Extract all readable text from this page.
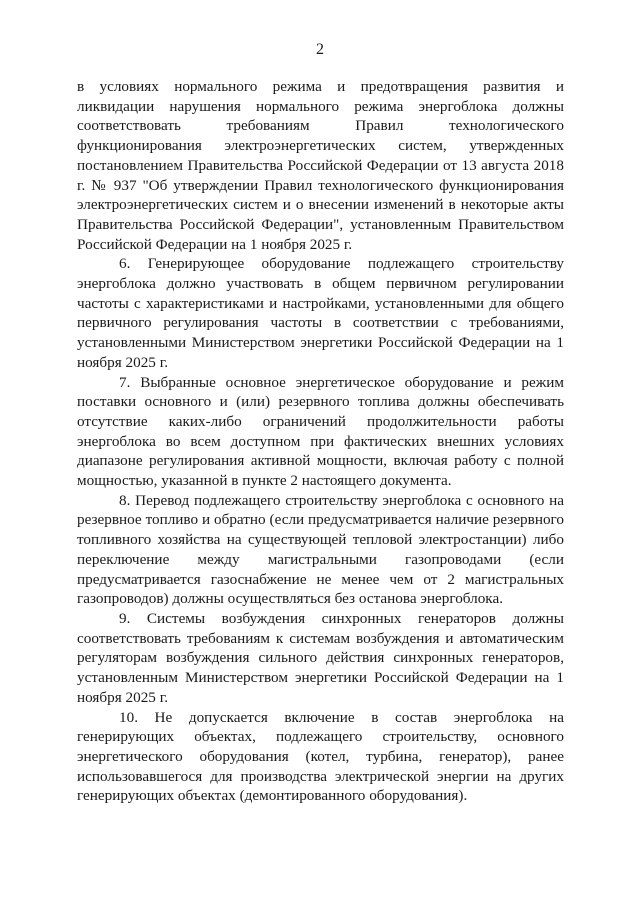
2

в условиях нормального режима и предотвращения развития и ликвидации нарушения нормального режима энергоблока должны соответствовать требованиям Правил технологического функционирования электроэнергетических систем, утвержденных постановлением Правительства Российской Федерации от 13 августа 2018 г. № 937 "Об утверждении Правил технологического функционирования электроэнергетических систем и о внесении изменений в некоторые акты Правительства Российской Федерации", установленным Правительством Российской Федерации на 1 ноября 2025 г.

6. Генерирующее оборудование подлежащего строительству энергоблока должно участвовать в общем первичном регулировании частоты с характеристиками и настройками, установленными для общего первичного регулирования частоты в соответствии с требованиями, установленными Министерством энергетики Российской Федерации на 1 ноября 2025 г.

7. Выбранные основное энергетическое оборудование и режим поставки основного и (или) резервного топлива должны обеспечивать отсутствие каких-либо ограничений продолжительности работы энергоблока во всем доступном при фактических внешних условиях диапазоне регулирования активной мощности, включая работу с полной мощностью, указанной в пункте 2 настоящего документа.

8. Перевод подлежащего строительству энергоблока с основного на резервное топливо и обратно (если предусматривается наличие резервного топливного хозяйства на существующей тепловой электростанции) либо переключение между магистральными газопроводами (если предусматривается газоснабжение не менее чем от 2 магистральных газопроводов) должны осуществляться без останова энергоблока.

9. Системы возбуждения синхронных генераторов должны соответствовать требованиям к системам возбуждения и автоматическим регуляторам возбуждения сильного действия синхронных генераторов, установленным Министерством энергетики Российской Федерации на 1 ноября 2025 г.

10. Не допускается включение в состав энергоблока на генерирующих объектах, подлежащего строительству, основного энергетического оборудования (котел, турбина, генератор), ранее использовавшегося для производства электрической энергии на других генерирующих объектах (демонтированного оборудования).
